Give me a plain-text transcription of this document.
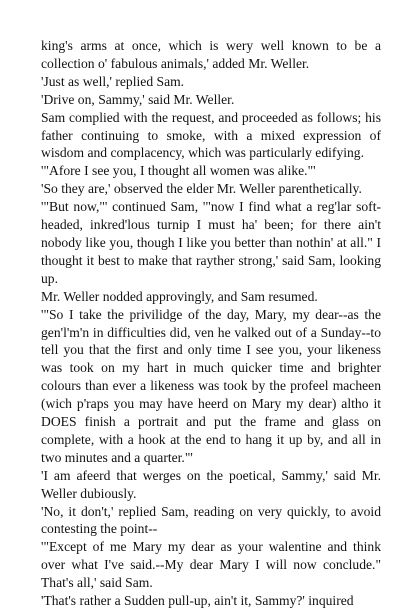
king's arms at once, which is wery well known to be a collection o' fabulous animals,' added Mr. Weller.

'Just as well,' replied Sam.

'Drive on, Sammy,' said Mr. Weller.

Sam complied with the request, and proceeded as follows; his father continuing to smoke, with a mixed expression of wisdom and complacency, which was particularly edifying.

'"Afore I see you, I thought all women was alike."'

'So they are,' observed the elder Mr. Weller parenthetically.

'"But now,"' continued Sam, '"now I find what a reg'lar soft-headed, inkred'lous turnip I must ha' been; for there ain't nobody like you, though I like you better than nothin' at all." I thought it best to make that rayther strong,' said Sam, looking up.

Mr. Weller nodded approvingly, and Sam resumed.

'"So I take the privilidge of the day, Mary, my dear--as the gen'l'm'n in difficulties did, ven he valked out of a Sunday--to tell you that the first and only time I see you, your likeness was took on my hart in much quicker time and brighter colours than ever a likeness was took by the profeel macheen (wich p'raps you may have heerd on Mary my dear) altho it DOES finish a portrait and put the frame and glass on complete, with a hook at the end to hang it up by, and all in two minutes and a quarter."'

'I am afeerd that werges on the poetical, Sammy,' said Mr. Weller dubiously.

'No, it don't,' replied Sam, reading on very quickly, to avoid contesting the point--

'"Except of me Mary my dear as your walentine and think over what I've said.--My dear Mary I will now conclude." That's all,' said Sam.

'That's rather a Sudden pull-up, ain't it, Sammy?' inquired
